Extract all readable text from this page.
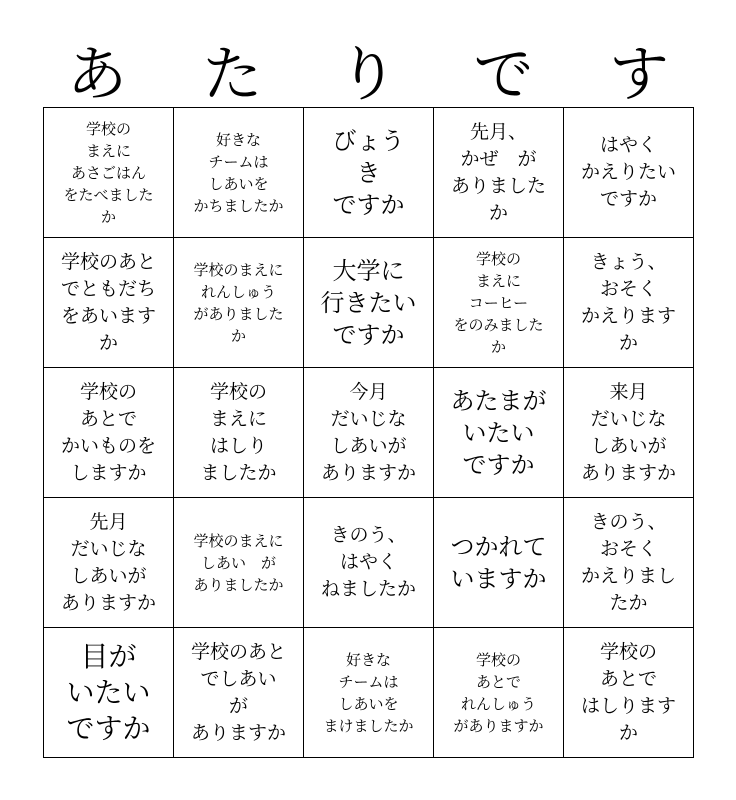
あ た り で す
学校の
まえに
あさごはん
をたべました
か
好きな
チームは
しあいを
かちましたか
びょう
き
ですか
先月、
かぜ　が
ありました
か
はやく
かえりたい
ですか
学校のあと
でともだち
をあいます
か
学校のまえに
れんしゅう
がありました
か
大学に
行きたい
ですか
学校の
まえに
コーヒー
をのみました
か
きょう、
おそく
かえります
か
学校の
あとで
かいものを
しますか
学校の
まえに
はしり
ましたか
今月
だいじな
しあいが
ありますか
あたまが
いたい
ですか
来月
だいじな
しあいが
ありますか
先月
だいじな
しあいが
ありますか
学校のまえに
しあい　が
ありましたか
きのう、
はやく
ねましたか
つかれて
いますか
きのう、
おそく
かえりまし
たか
目が
いたい
ですか
学校のあと
でしあい
が
ありますか
好きな
チームは
しあいを
まけましたか
学校の
あとで
れんしゅう
がありますか
学校の
あとで
はしります
か
